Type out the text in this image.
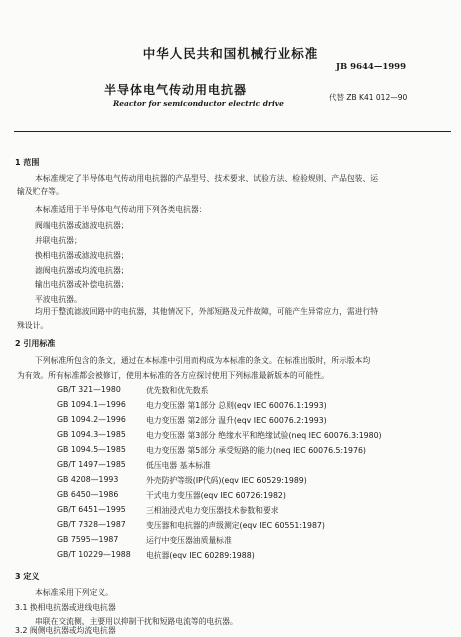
中华人民共和国机械行业标准
JB 9644—1999
半导体电气传动用电抗器
代替 ZB K41 012—90
Reactor for semiconductor electric drive
1 范围
本标准规定了半导体电气传动用电抗器的产品型号、技术要求、试验方法、检验规则、产品包装、运
输及贮存等。
本标准适用于半导体电气传动用下列各类电抗器：
阀端电抗器或滤波电抗器；
并联电抗器；
换相电抗器或滤波电抗器；
滤阀电抗器或均流电抗器；
输出电抗器或补偿电抗器；
平波电抗器。
均用于整流滤波回路中的电抗器，其他情况下，外部短路及元件故障，可能产生异常应力，需进行特
殊设计。
2 引用标准
下列标准所包含的条文，通过在本标准中引用而构成为本标准的条文。在标准出版时，所示版本均
为有效。所有标准都会被修订，使用本标准的各方应探讨使用下列标准最新版本的可能性。
GB/T 321—1980	优先数和优先数系
GB 1094.1—1996	电力变压器 第1部分 总则(eqv IEC 60076.1:1993)
GB 1094.2—1996	电力变压器 第2部分 温升(eqv IEC 60076.2:1993)
GB 1094.3—1985	电力变压器 第3部分 绝缘水平和绝缘试验(neq IEC 60076.3:1980)
GB 1094.5—1985	电力变压器 第5部分 承受短路的能力(neq IEC 60076.5:1976)
GB/T 1497—1985	低压电器 基本标准
GB 4208—1993	外壳防护等级(IP代码)(eqv IEC 60529:1989)
GB 6450—1986	干式电力变压器(eqv IEC 60726:1982)
GB/T 6451—1995	三相油浸式电力变压器技术参数和要求
GB/T 7328—1987	变压器和电抗器的声级测定(eqv IEC 60551:1987)
GB 7595—1987	运行中变压器油质量标准
GB/T 10229—1988 电抗器(eqv IEC 60289:1988)
3 定义
本标准采用下列定义。
3.1 换相电抗器或进线电抗器
串联在交流侧，主要用以抑制干扰和短路电流等的电抗器。
3.2 阀侧电抗器或均流电抗器
